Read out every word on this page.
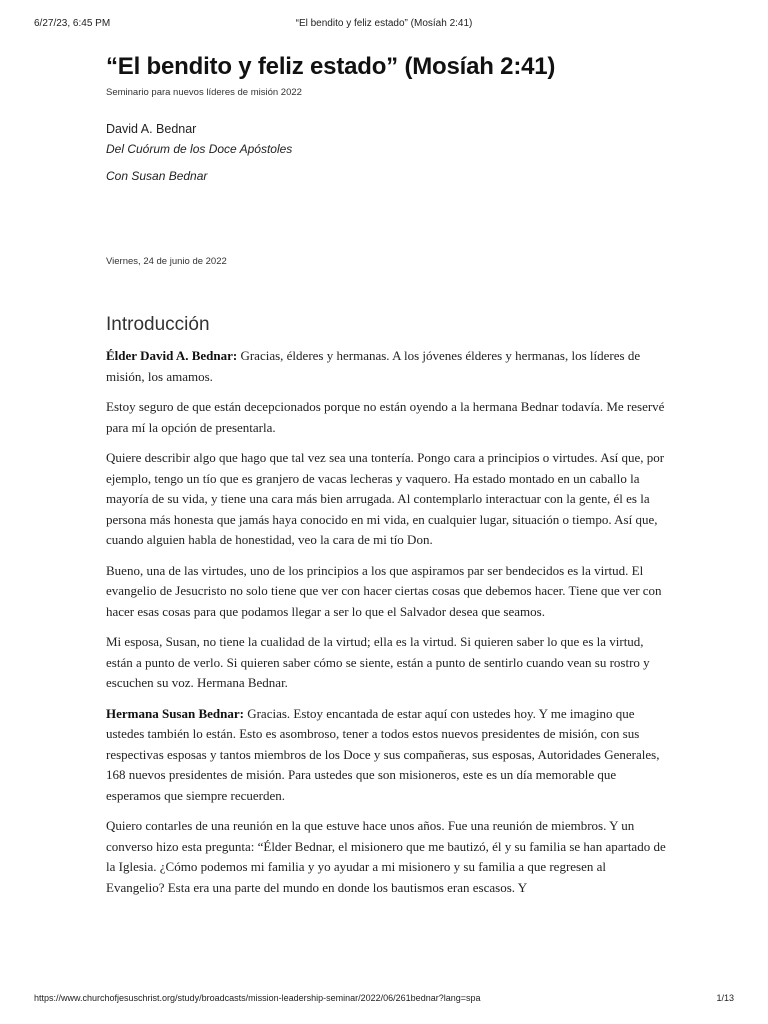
6/27/23, 6:45 PM	“El bendito y feliz estado” (Mosíah 2:41)
“El bendito y feliz estado” (Mosíah 2:41)
Seminario para nuevos líderes de misión 2022
David A. Bednar
Del Cuórum de los Doce Apóstoles
Con Susan Bednar
Viernes, 24 de junio de 2022
Introducción

Élder David A. Bednar: Gracias, élderes y hermanas. A los jóvenes élderes y hermanas, los líderes de misión, los amamos.

Estoy seguro de que están decepcionados porque no están oyendo a la hermana Bednar todavía. Me reservé para mí la opción de presentarla.

Quiere describir algo que hago que tal vez sea una tontería. Pongo cara a principios o virtudes. Así que, por ejemplo, tengo un tío que es granjero de vacas lecheras y vaquero. Ha estado montado en un caballo la mayoría de su vida, y tiene una cara más bien arrugada. Al contemplarlo interactuar con la gente, él es la persona más honesta que jamás haya conocido en mi vida, en cualquier lugar, situación o tiempo. Así que, cuando alguien habla de honestidad, veo la cara de mi tío Don.

Bueno, una de las virtudes, uno de los principios a los que aspiramos par ser bendecidos es la virtud. El evangelio de Jesucristo no solo tiene que ver con hacer ciertas cosas que debemos hacer. Tiene que ver con hacer esas cosas para que podamos llegar a ser lo que el Salvador desea que seamos.

Mi esposa, Susan, no tiene la cualidad de la virtud; ella es la virtud. Si quieren saber lo que es la virtud, están a punto de verlo. Si quieren saber cómo se siente, están a punto de sentirlo cuando vean su rostro y escuchen su voz. Hermana Bednar.

Hermana Susan Bednar: Gracias. Estoy encantada de estar aquí con ustedes hoy. Y me imagino que ustedes también lo están. Esto es asombroso, tener a todos estos nuevos presidentes de misión, con sus respectivas esposas y tantos miembros de los Doce y sus compañeras, sus esposas, Autoridades Generales, 168 nuevos presidentes de misión. Para ustedes que son misioneros, este es un día memorable que esperamos que siempre recuerden.

Quiero contarles de una reunión en la que estuve hace unos años. Fue una reunión de miembros. Y un converso hizo esta pregunta: “Élder Bednar, el misionero que me bautizó, él y su familia se han apartado de la Iglesia. ¿Cómo podemos mi familia y yo ayudar a mi misionero y su familia a que regresen al Evangelio? Esta era una parte del mundo en donde los bautismos eran escasos. Y

https://www.churchofjesuschrist.org/study/broadcasts/mission-leadership-seminar/2022/06/261bednar?lang=spa	1/13
